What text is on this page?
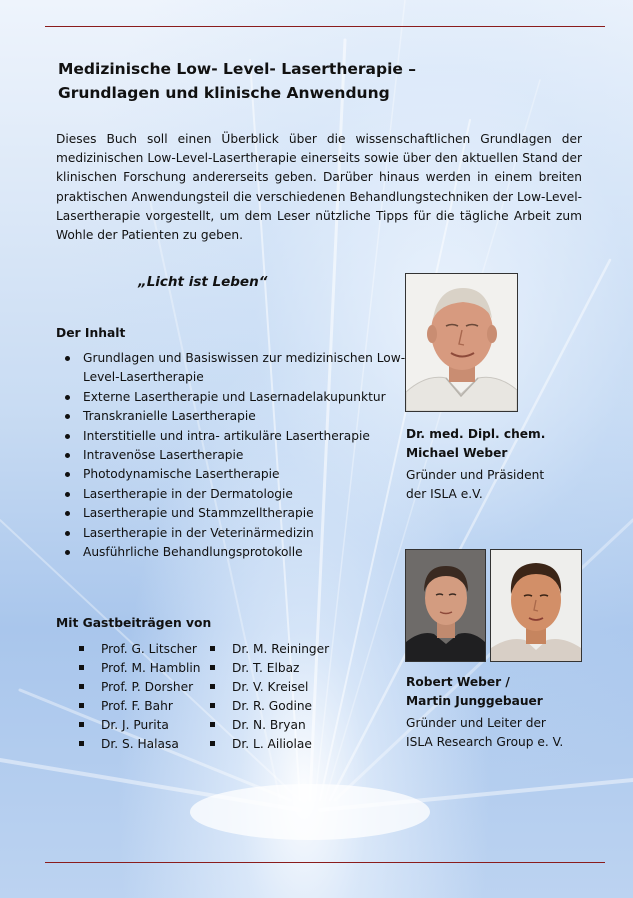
Medizinische Low- Level- Lasertherapie –
Grundlagen und klinische Anwendung
Dieses Buch soll einen Überblick über die wissenschaftlichen Grundlagen der medizinischen Low-Level-Lasertherapie einerseits sowie über den aktuellen Stand der klinischen Forschung andererseits geben. Darüber hinaus werden in einem breiten praktischen Anwendungsteil die verschiedenen Behandlungstechniken der Low-Level-Lasertherapie vorgestellt, um dem Leser nützliche Tipps für die tägliche Arbeit zum Wohle der Patienten zu geben.
„Licht ist Leben“
Der Inhalt
Grundlagen und Basiswissen zur medizinischen Low-Level-Lasertherapie
Externe Lasertherapie und Lasernadelakupunktur
Transkranielle Lasertherapie
Interstitielle und intra- artikuläre Lasertherapie
Intravenöse Lasertherapie
Photodynamische Lasertherapie
Lasertherapie in der Dermatologie
Lasertherapie und Stammzelltherapie
Lasertherapie in der Veterinärmedizin
Ausführliche Behandlungsprotokolle
Mit Gastbeiträgen von
Prof. G. Litscher
Prof. M. Hamblin
Prof. P. Dorsher
Prof. F. Bahr
Dr. J. Purita
Dr. S. Halasa
Dr. M. Reininger
Dr. T. Elbaz
Dr. V. Kreisel
Dr. R. Godine
Dr. N. Bryan
Dr. L. Ailiolae
Dr. med. Dipl. chem.
Michael Weber
Gründer und Präsident
der ISLA e.V.
Robert Weber /
Martin Junggebauer
Gründer und Leiter der
ISLA Research Group e. V.
